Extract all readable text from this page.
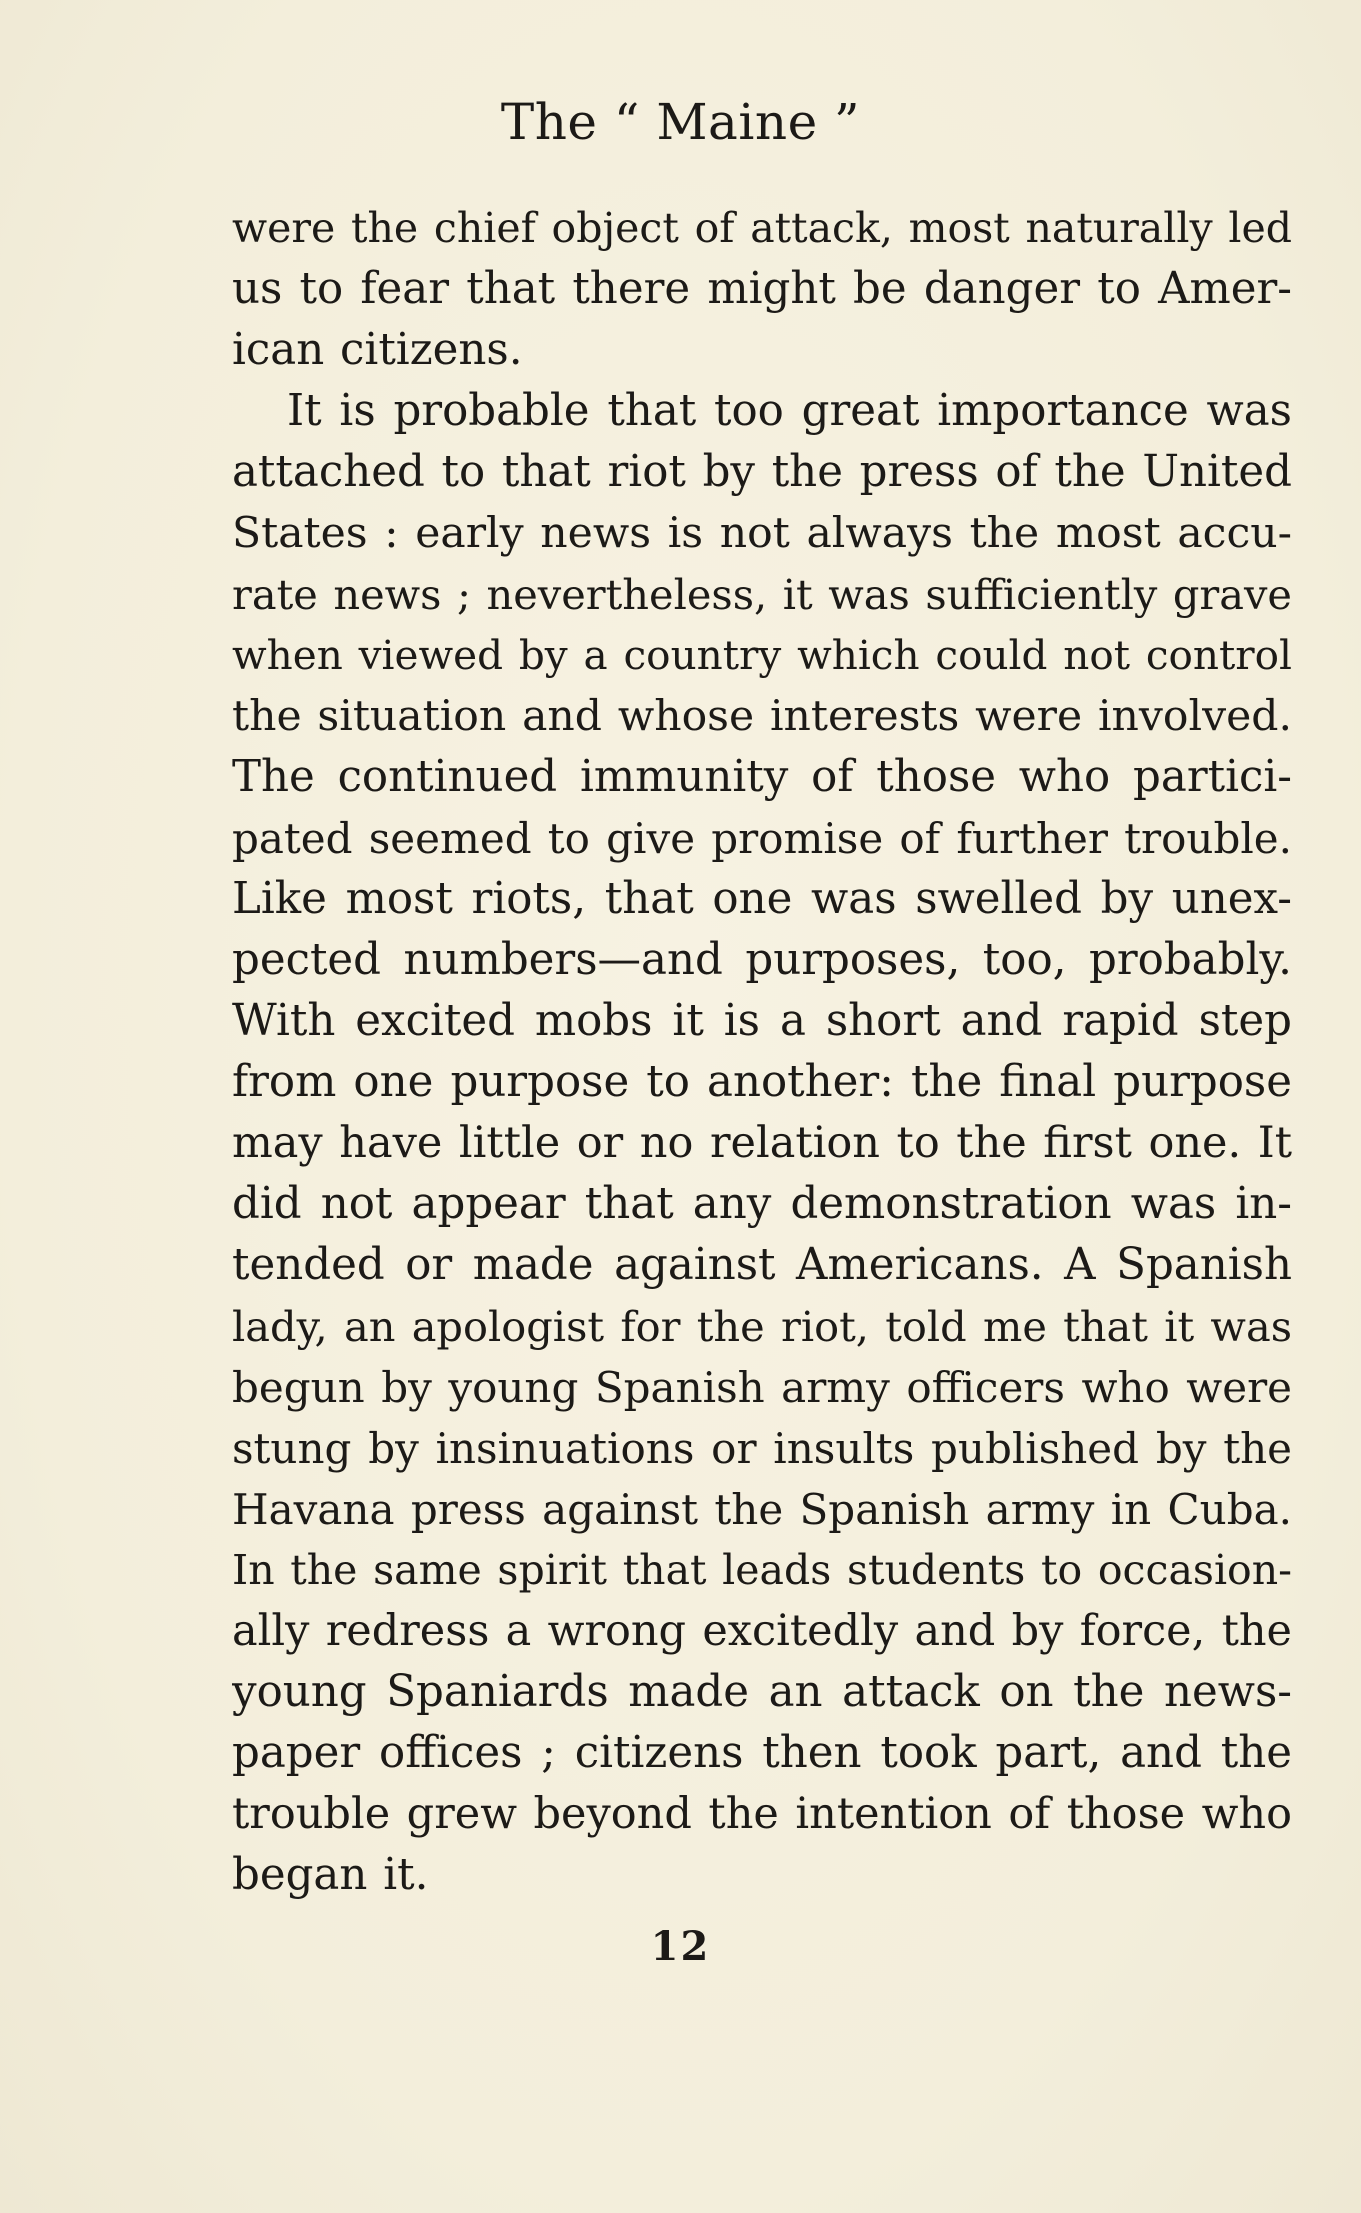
The “ Maine ”
were the chief object of attack, most naturally led
us to fear that there might be danger to Amer-
ican citizens.
It is probable that too great importance was
attached to that riot by the press of the United
States : early news is not always the most accu-
rate news ; nevertheless, it was sufficiently grave
when viewed by a country which could not control
the situation and whose interests were involved.
The continued immunity of those who partici-
pated seemed to give promise of further trouble.
Like most riots, that one was swelled by unex-
pected numbers—and purposes, too, probably.
With excited mobs it is a short and rapid step
from one purpose to another: the final purpose
may have little or no relation to the first one. It
did not appear that any demonstration was in-
tended or made against Americans. A Spanish
lady, an apologist for the riot, told me that it was
begun by young Spanish army officers who were
stung by insinuations or insults published by the
Havana press against the Spanish army in Cuba.
In the same spirit that leads students to occasion-
ally redress a wrong excitedly and by force, the
young Spaniards made an attack on the news-
paper offices ; citizens then took part, and the
trouble grew beyond the intention of those who
began it.
12
